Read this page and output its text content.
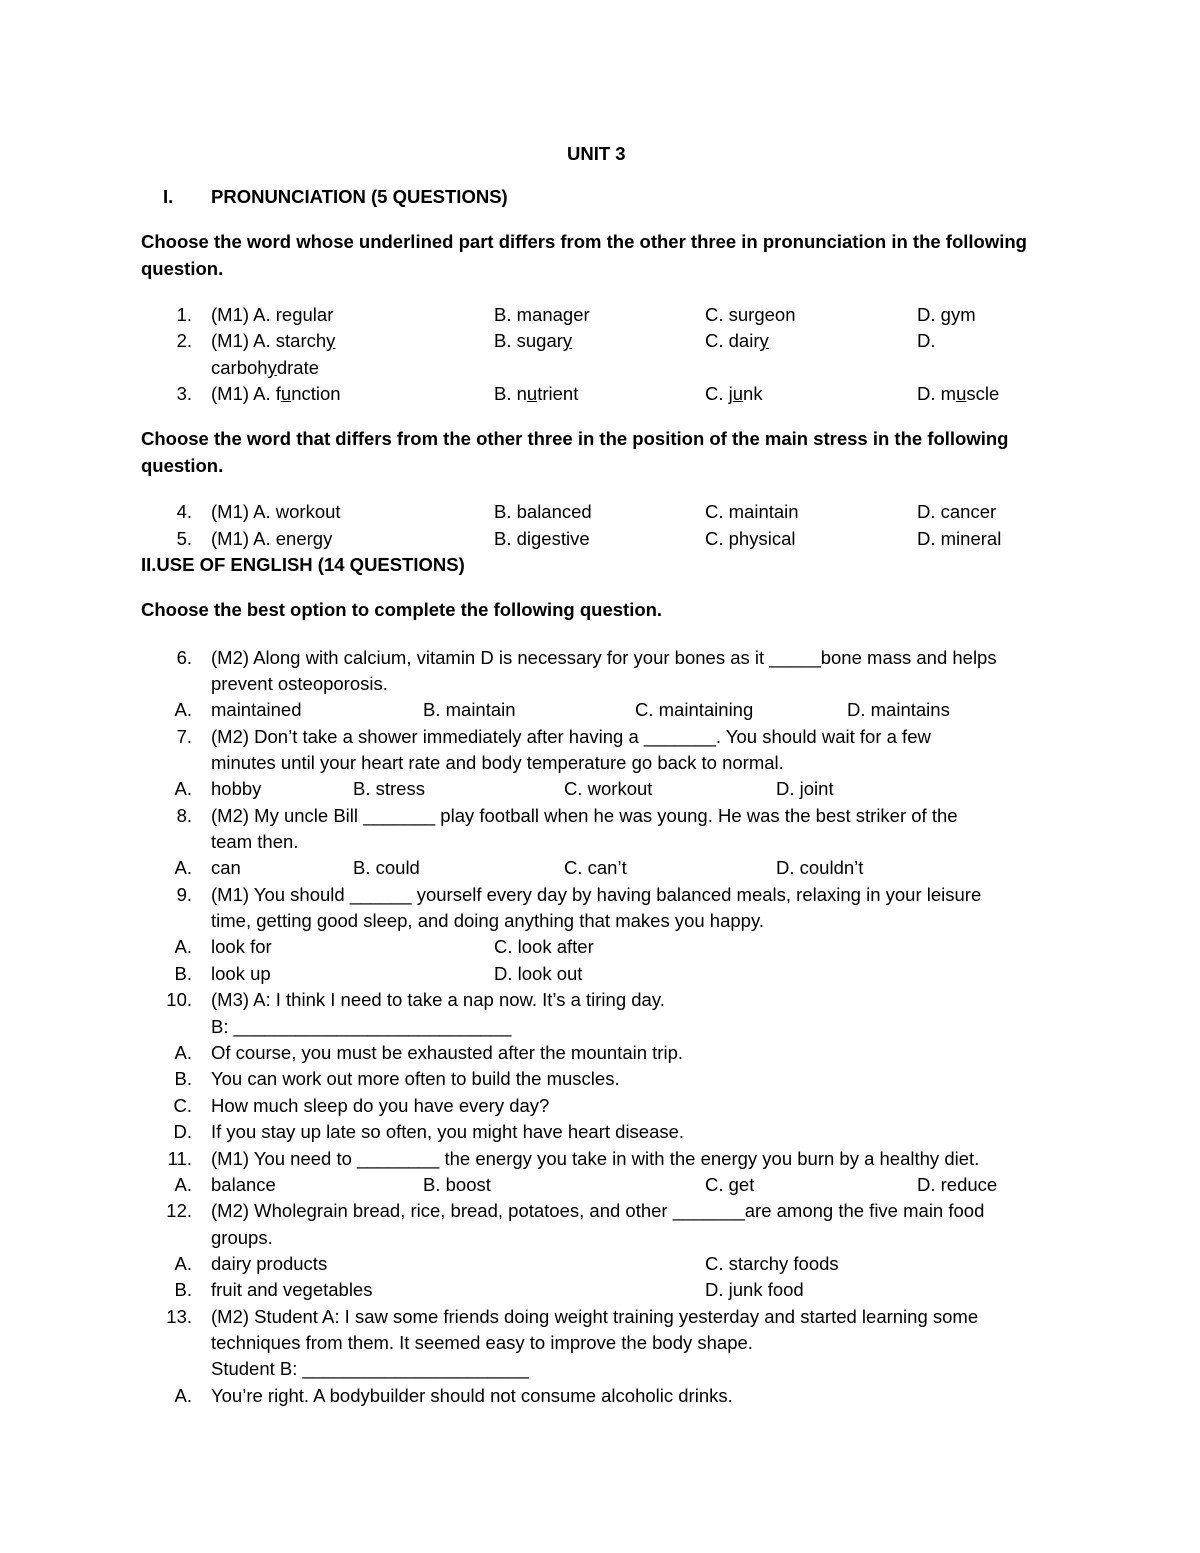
UNIT 3
I. PRONUNCIATION (5 QUESTIONS)
Choose the word whose underlined part differs from the other three in pronunciation in the following
question.
1. (M1) A. regular	B. manager	C. surgeon	D. gym
2. (M1) A. starchy	B. sugary	C. dairy	D.
carbohydrate
3. (M1) A. function	B. nutrient	C. junk	D. muscle
Choose the word that differs from the other three in the position of the main stress in the following
question.
4. (M1) A. workout	B. balanced	C. maintain	D. cancer
5. (M1) A. energy	B. digestive	C. physical	D. mineral
II.USE OF ENGLISH (14 QUESTIONS)
Choose the best option to complete the following question.
6. (M2) Along with calcium, vitamin D is necessary for your bones as it _____bone mass and helps
prevent osteoporosis.
A. maintained	B. maintain	C. maintaining	D. maintains
7. (M2) Don’t take a shower immediately after having a _______. You should wait for a few
minutes until your heart rate and body temperature go back to normal.
A. hobby	B. stress	C. workout	D. joint
8. (M2) My uncle Bill _______ play football when he was young. He was the best striker of the
team then.
A. can	B. could	C. can’t	D. couldn’t
9. (M1) You should ______ yourself every day by having balanced meals, relaxing in your leisure
time, getting good sleep, and doing anything that makes you happy.
A. look for	C. look after
B. look up	D. look out
10. (M3) A: I think I need to take a nap now. It’s a tiring day.
B: ___________________________
A. Of course, you must be exhausted after the mountain trip.
B. You can work out more often to build the muscles.
C. How much sleep do you have every day?
D. If you stay up late so often, you might have heart disease.
11. (M1) You need to ________ the energy you take in with the energy you burn by a healthy diet.
A. balance	B. boost	C. get	D. reduce
12. (M2) Wholegrain bread, rice, bread, potatoes, and other _______are among the five main food
groups.
A. dairy products	C. starchy foods
B. fruit and vegetables	D. junk food
13. (M2) Student A: I saw some friends doing weight training yesterday and started learning some
techniques from them. It seemed easy to improve the body shape.
Student B: ______________________
A. You’re right. A bodybuilder should not consume alcoholic drinks.
